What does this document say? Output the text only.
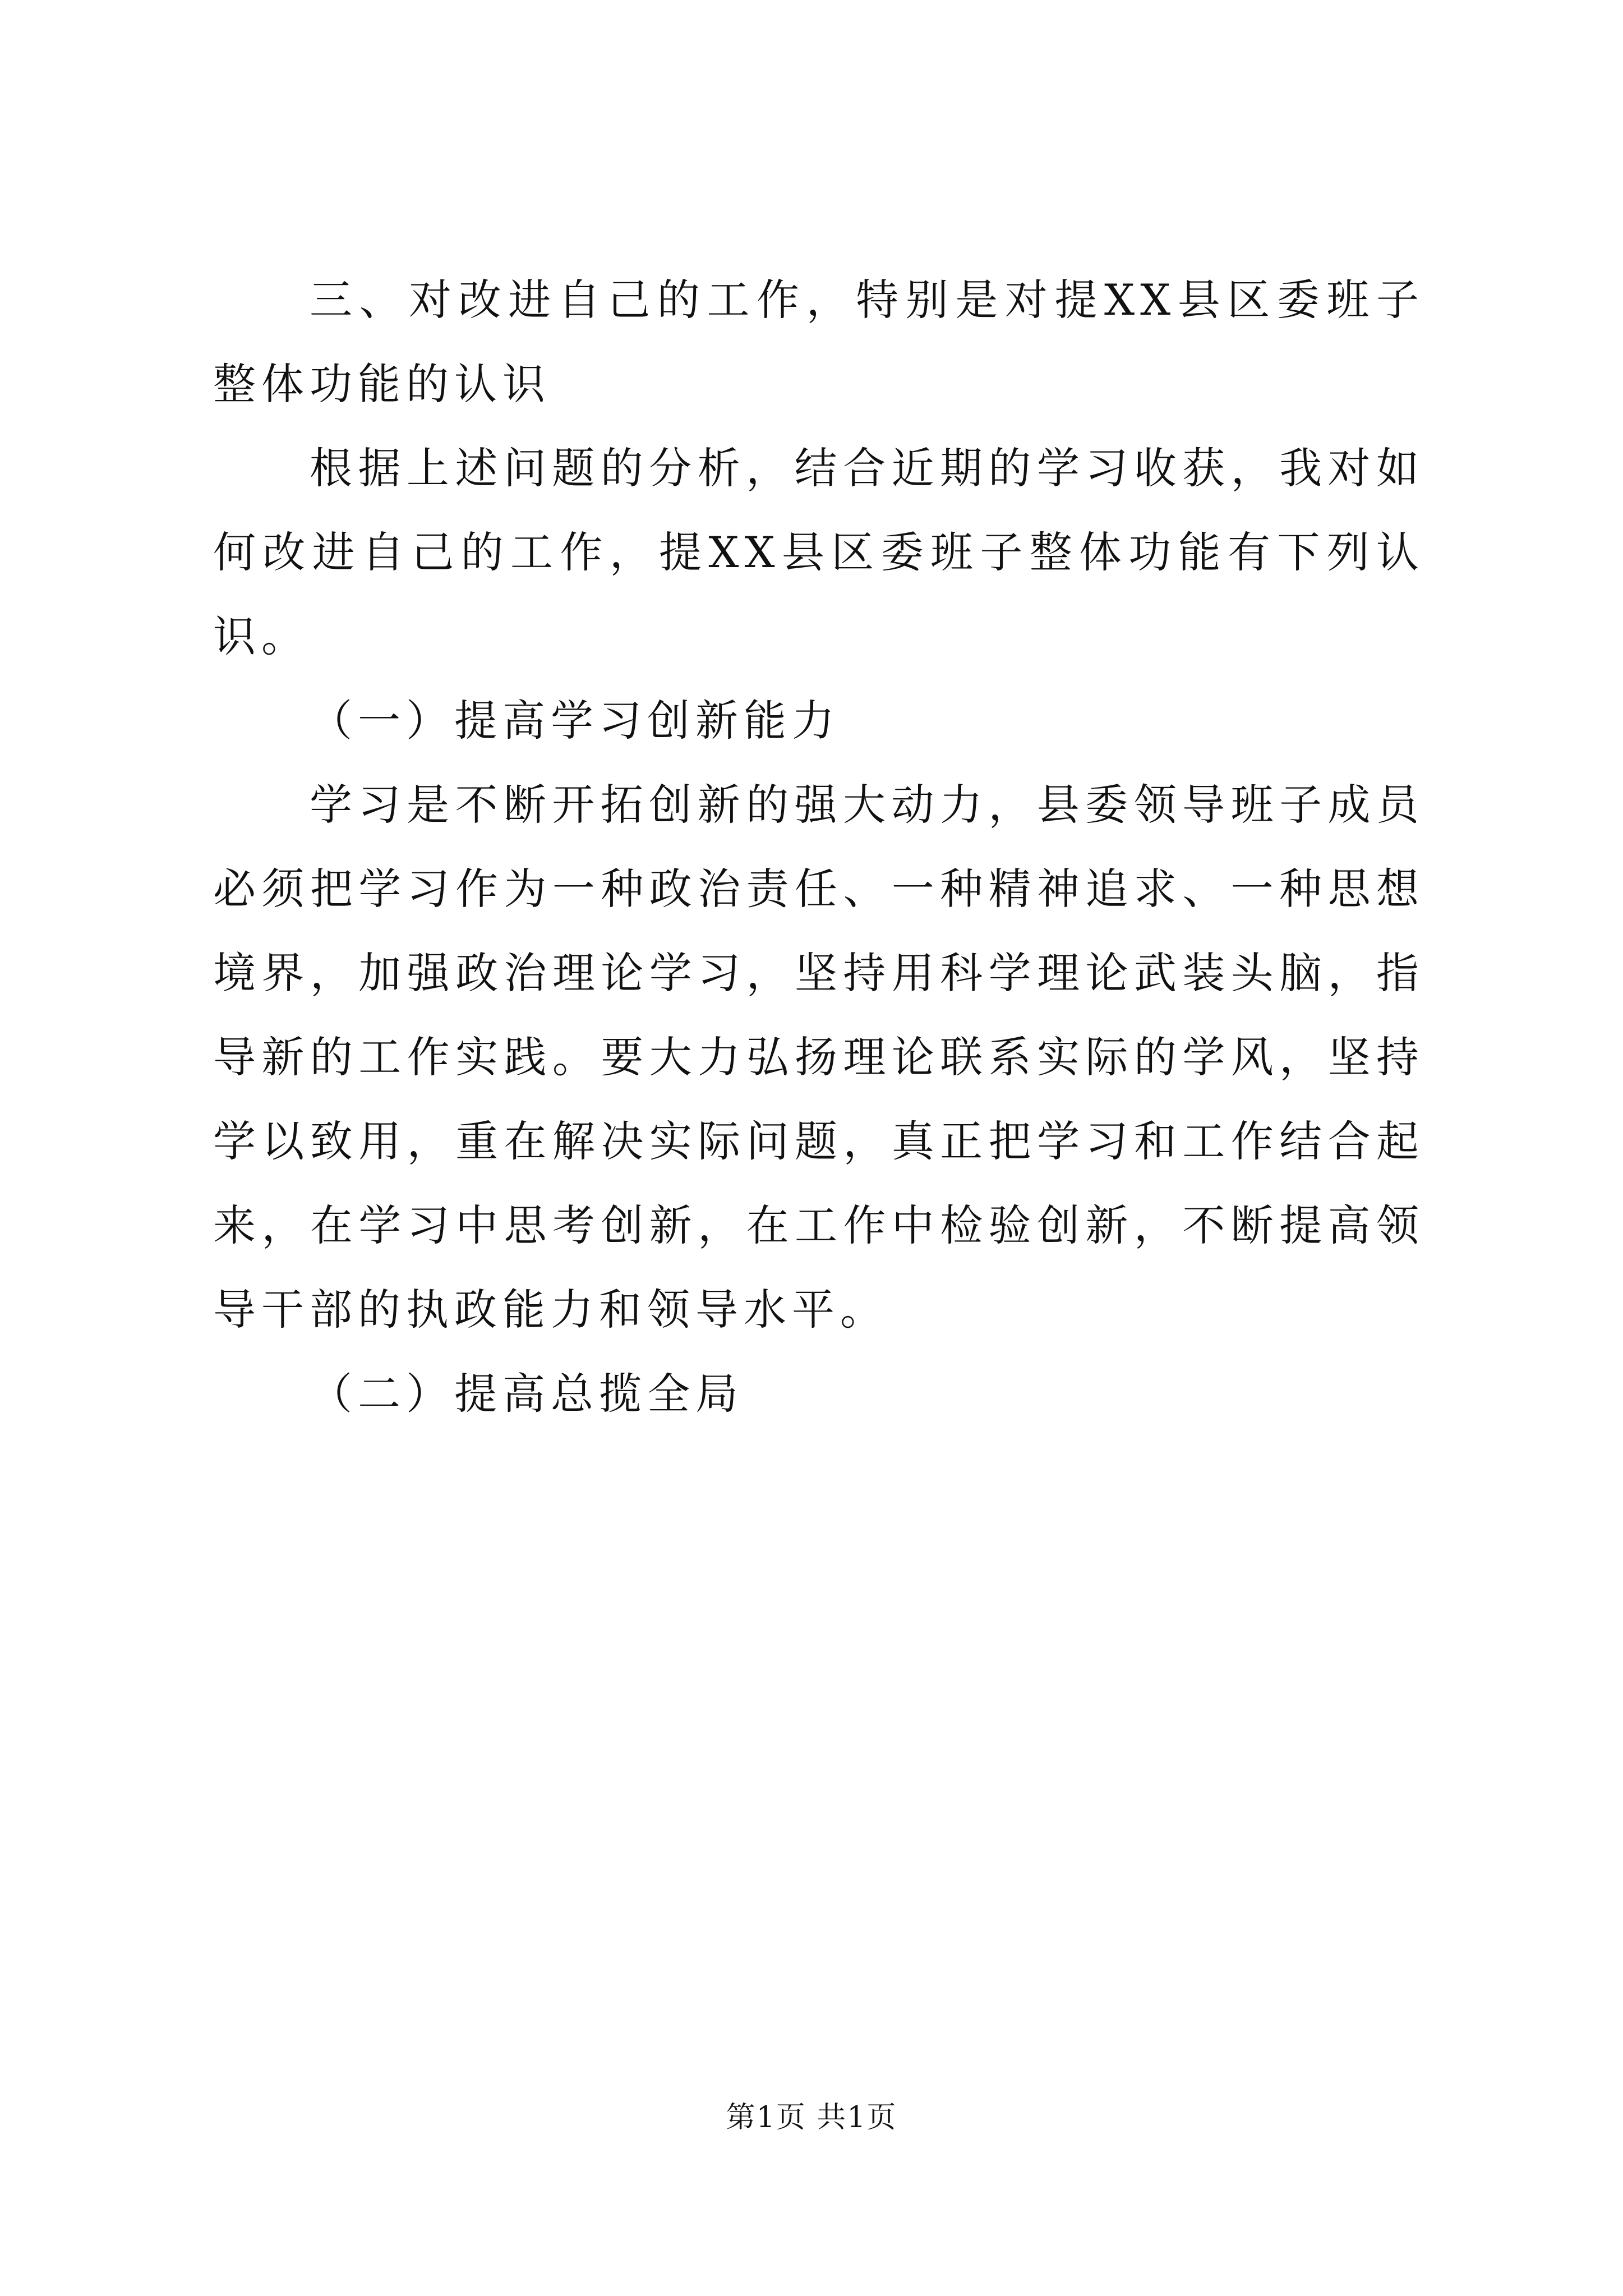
三、对改进自己的工作，特别是对提XX县区委班子整体功能的认识

根据上述问题的分析，结合近期的学习收获，我对如何改进自己的工作，提XX县区委班子整体功能有下列认识。

（一）提高学习创新能力

学习是不断开拓创新的强大动力，县委领导班子成员必须把学习作为一种政治责任、一种精神追求、一种思想境界，加强政治理论学习，坚持用科学理论武装头脑，指导新的工作实践。要大力弘扬理论联系实际的学风，坚持学以致用，重在解决实际问题，真正把学习和工作结合起来，在学习中思考创新，在工作中检验创新，不断提高领导干部的执政能力和领导水平。

（二）提高总揽全局

第1页 共1页
